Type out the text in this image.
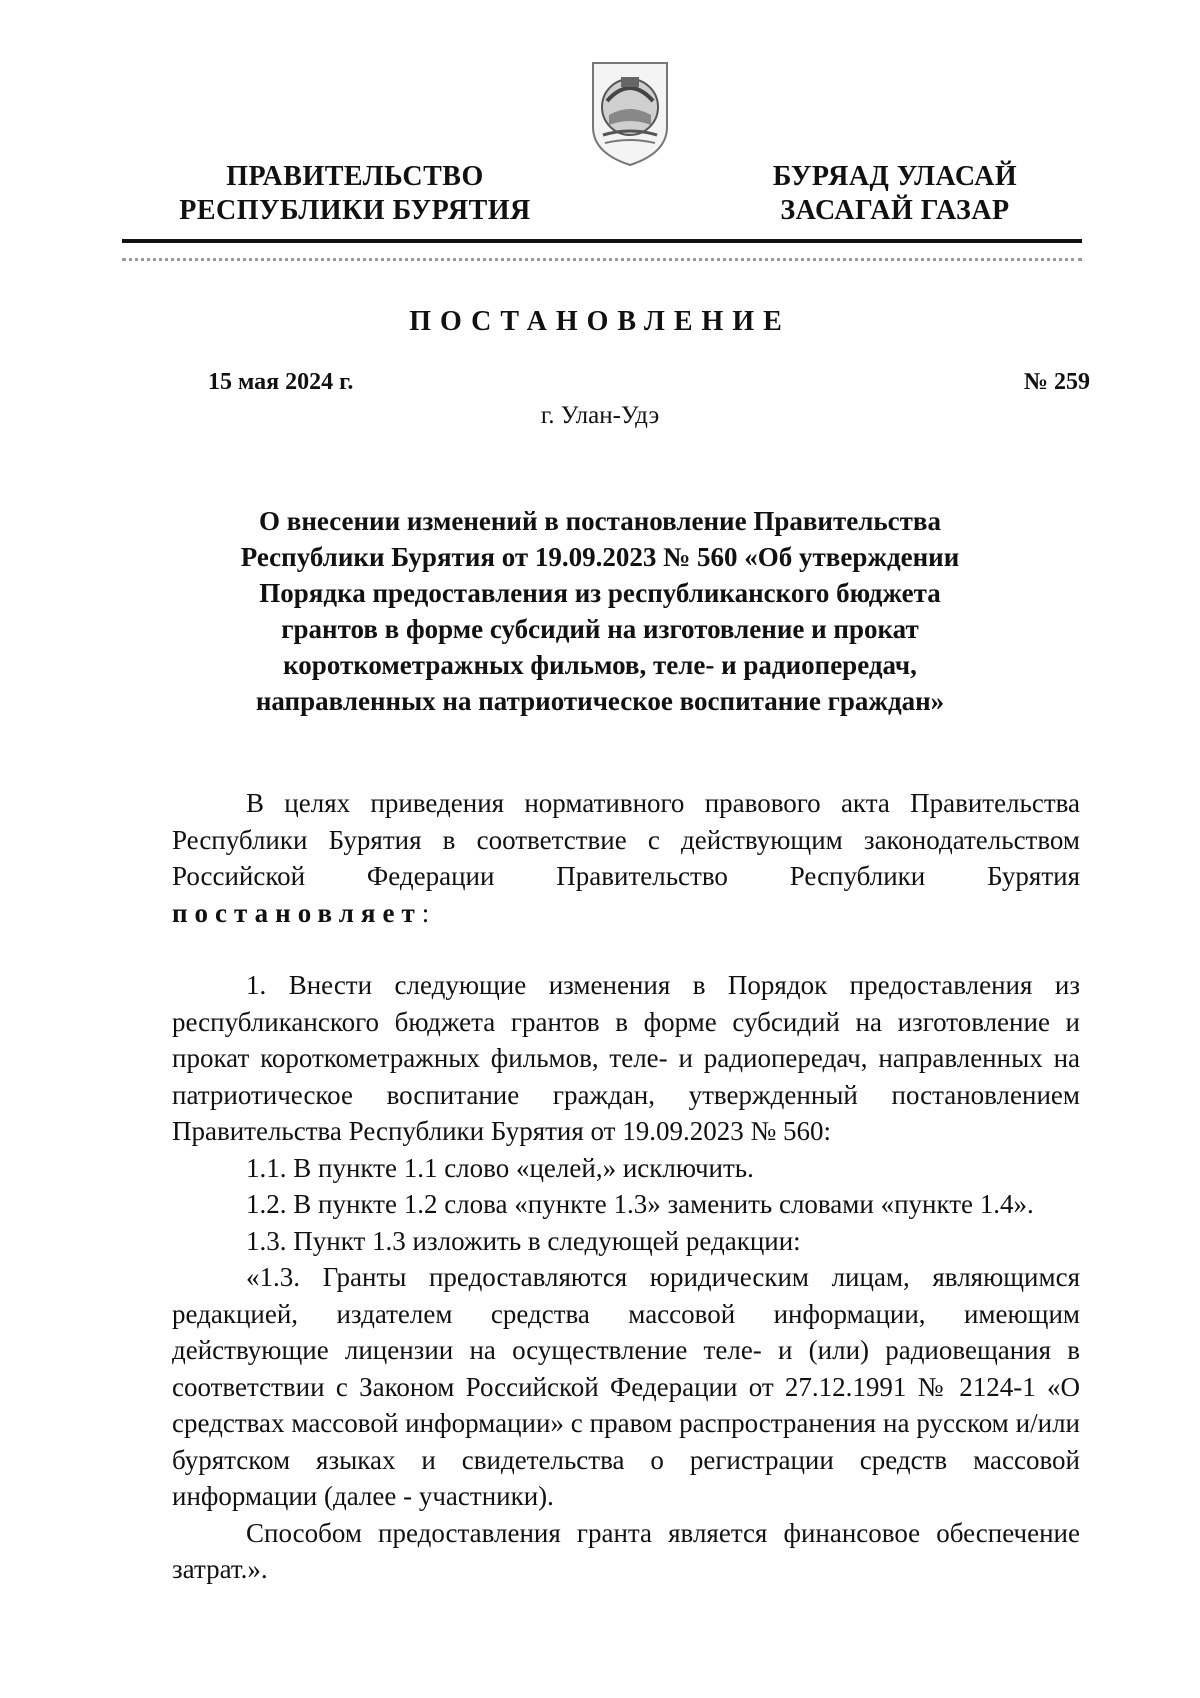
ПРАВИТЕЛЬСТВО
РЕСПУБЛИКИ БУРЯТИЯ
БУРЯАД УЛАСАЙ
ЗАСАГАЙ ГАЗАР
ПОСТАНОВЛЕНИЕ
15 мая 2024 г.	№ 259
г. Улан-Удэ
О внесении изменений в постановление Правительства
Республики Бурятия от 19.09.2023 № 560 «Об утверждении
Порядка предоставления из республиканского бюджета
грантов в форме субсидий на изготовление и прокат
короткометражных фильмов, теле- и радиопередач,
направленных на патриотическое воспитание граждан»

В целях приведения нормативного правового акта Правительства Республики Бурятия в соответствие с действующим законодательством Российской Федерации Правительство Республики Бурятия постановляет:

1. Внести следующие изменения в Порядок предоставления из республиканского бюджета грантов в форме субсидий на изготовление и прокат короткометражных фильмов, теле- и радиопередач, направленных на патриотическое воспитание граждан, утвержденный постановлением Правительства Республики Бурятия от 19.09.2023 № 560:

1.1. В пункте 1.1 слово «целей,» исключить.

1.2. В пункте 1.2 слова «пункте 1.3» заменить словами «пункте 1.4».

1.3. Пункт 1.3 изложить в следующей редакции:

«1.3. Гранты предоставляются юридическим лицам, являющимся редакцией, издателем средства массовой информации, имеющим действующие лицензии на осуществление теле- и (или) радиовещания в соответствии с Законом Российской Федерации от 27.12.1991 № 2124-1 «О средствах массовой информации» с правом распространения на русском и/или бурятском языках и свидетельства о регистрации средств массовой информации (далее - участники).

Способом предоставления гранта является финансовое обеспечение затрат.».
